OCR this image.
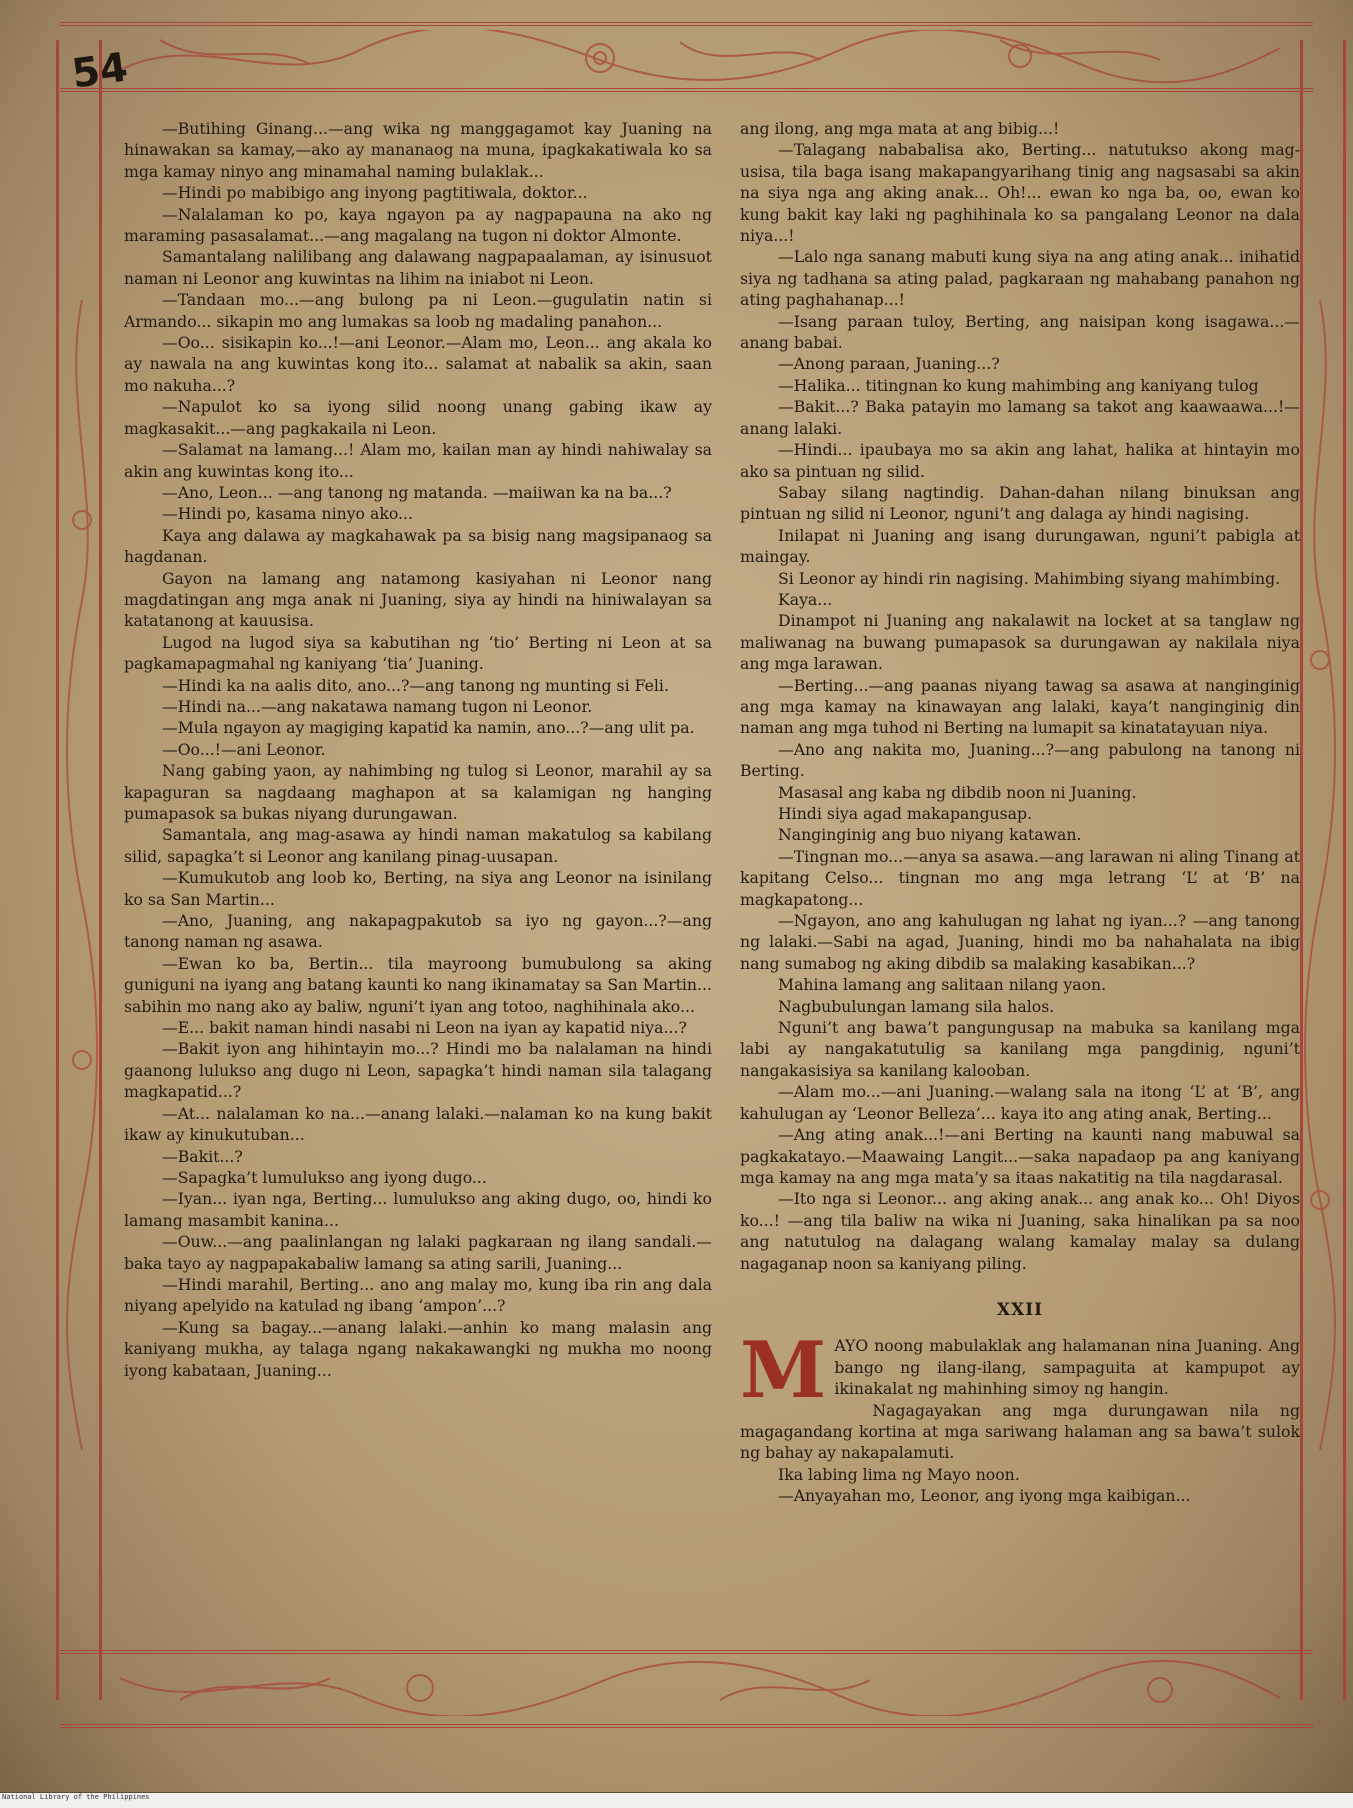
54

—Butihing Ginang...—ang wika ng manggagamot kay Juaning na hinawakan sa kamay,—ako ay mananaog na muna, ipagkakatiwala ko sa mga kamay ninyo ang minamahal naming bulaklak...

—Hindi po mabibigo ang inyong pagtitiwala, doktor...

—Nalalaman ko po, kaya ngayon pa ay nagpapauna na ako ng maraming pasasalamat...—ang magalang na tugon ni doktor Almonte.

Samantalang nalilibang ang dalawang nagpapaalaman, ay isinusuot naman ni Leonor ang kuwintas na lihim na iniabot ni Leon.

—Tandaan mo...—ang bulong pa ni Leon.—gugulatin natin si Armando... sikapin mo ang lumakas sa loob ng madaling panahon...

—Oo... sisikapin ko...!—ani Leonor.—Alam mo, Leon... ang akala ko ay nawala na ang kuwintas kong ito... salamat at nabalik sa akin, saan mo nakuha...?

—Napulot ko sa iyong silid noong unang gabing ikaw ay magkasakit...—ang pagkakaila ni Leon.

—Salamat na lamang...! Alam mo, kailan man ay hindi nahiwalay sa akin ang kuwintas kong ito...

—Ano, Leon... —ang tanong ng matanda. —maiiwan ka na ba...?

—Hindi po, kasama ninyo ako...

Kaya ang dalawa ay magkahawak pa sa bisig nang magsipanaog sa hagdanan.

Gayon na lamang ang natamong kasiyahan ni Leonor nang magdatingan ang mga anak ni Juaning, siya ay hindi na hiniwalayan sa katatanong at kauusisa.

Lugod na lugod siya sa kabutihan ng ‘tio’ Berting ni Leon at sa pagkamapagmahal ng kaniyang ‘tia’ Juaning.

—Hindi ka na aalis dito, ano...?—ang tanong ng munting si Feli.

—Hindi na...—ang nakatawa namang tugon ni Leonor.

—Mula ngayon ay magiging kapatid ka namin, ano...?—ang ulit pa.

—Oo...!—ani Leonor.

Nang gabing yaon, ay nahimbing ng tulog si Leonor, marahil ay sa kapaguran sa nagdaang maghapon at sa kalamigan ng hanging pumapasok sa bukas niyang durungawan.

Samantala, ang mag-asawa ay hindi naman makatulog sa kabilang silid, sapagka’t si Leonor ang kanilang pinag-uusapan.

—Kumukutob ang loob ko, Berting, na siya ang Leonor na isinilang ko sa San Martin...

—Ano, Juaning, ang nakapagpakutob sa iyo ng gayon...?—ang tanong naman ng asawa.

—Ewan ko ba, Bertin... tila mayroong bumubulong sa aking guniguni na iyang ang batang kaunti ko nang ikinamatay sa San Martin... sabihin mo nang ako ay baliw, nguni’t iyan ang totoo, naghihinala ako...

—E... bakit naman hindi nasabi ni Leon na iyan ay kapatid niya...?

—Bakit iyon ang hihintayin mo...? Hindi mo ba nalalaman na hindi gaanong lulukso ang dugo ni Leon, sapagka’t hindi naman sila talagang magkapatid...?

—At... nalalaman ko na...—anang lalaki.—nalaman ko na kung bakit ikaw ay kinukutuban...

—Bakit...?

—Sapagka’t lumulukso ang iyong dugo...

—Iyan... iyan nga, Berting... lumulukso ang aking dugo, oo, hindi ko lamang masambit kanina...

—Ouw...—ang paalinlangan ng lalaki pagkaraan ng ilang sandali.—baka tayo ay nagpapakabaliw lamang sa ating sarili, Juaning...

—Hindi marahil, Berting... ano ang malay mo, kung iba rin ang dala niyang apelyido na katulad ng ibang ‘ampon’...?

—Kung sa bagay...—anang lalaki.—anhin ko mang malasin ang kaniyang mukha, ay talaga ngang nakakawangki ng mukha mo noong iyong kabataan, Juaning...

ang ilong, ang mga mata at ang bibig...!

—Talagang nababalisa ako, Berting... natutukso akong mag-usisa, tila baga isang makapangyarihang tinig ang nagsasabi sa akin na siya nga ang aking anak... Oh!... ewan ko nga ba, oo, ewan ko kung bakit kay laki ng paghihinala ko sa pangalang Leonor na dala niya...!

—Lalo nga sanang mabuti kung siya na ang ating anak... inihatid siya ng tadhana sa ating palad, pagkaraan ng mahabang panahon ng ating paghahanap...!

—Isang paraan tuloy, Berting, ang naisipan kong isagawa...—anang babai.

—Anong paraan, Juaning...?

—Halika... titingnan ko kung mahimbing ang kaniyang tulog

—Bakit...? Baka patayin mo lamang sa takot ang kaawaawa...!—anang lalaki.

—Hindi... ipaubaya mo sa akin ang lahat, halika at hintayin mo ako sa pintuan ng silid.

Sabay silang nagtindig. Dahan-dahan nilang binuksan ang pintuan ng silid ni Leonor, nguni’t ang dalaga ay hindi nagising.

Inilapat ni Juaning ang isang durungawan, nguni’t pabigla at maingay.

Si Leonor ay hindi rin nagising. Mahimbing siyang mahimbing.

Kaya...

Dinampot ni Juaning ang nakalawit na locket at sa tanglaw ng maliwanag na buwang pumapasok sa durungawan ay nakilala niya ang mga larawan.

—Berting...—ang paanas niyang tawag sa asawa at nanginginig ang mga kamay na kinawayan ang lalaki, kaya’t nanginginig din naman ang mga tuhod ni Berting na lumapit sa kinatatayuan niya.

—Ano ang nakita mo, Juaning...?—ang pabulong na tanong ni Berting.

Masasal ang kaba ng dibdib noon ni Juaning.

Hindi siya agad makapangusap.

Nanginginig ang buo niyang katawan.

—Tingnan mo...—anya sa asawa.—ang larawan ni aling Tinang at kapitang Celso... tingnan mo ang mga letrang ‘L’ at ‘B’ na magkapatong...

—Ngayon, ano ang kahulugan ng lahat ng iyan...? —ang tanong ng lalaki.—Sabi na agad, Juaning, hindi mo ba nahahalata na ibig nang sumabog ng aking dibdib sa malaking kasabikan...?

Mahina lamang ang salitaan nilang yaon.

Nagbubulungan lamang sila halos.

Nguni’t ang bawa’t pangungusap na mabuka sa kanilang mga labi ay nangakatutulig sa kanilang mga pangdinig, nguni’t nangakasisiya sa kanilang kalooban.

—Alam mo...—ani Juaning.—walang sala na itong ‘L’ at ‘B’, ang kahulugan ay ‘Leonor Belleza’... kaya ito ang ating anak, Berting...

—Ang ating anak...!—ani Berting na kaunti nang mabuwal sa pagkakatayo.—Maawaing Langit...—saka napadaop pa ang kaniyang mga kamay na ang mga mata’y sa itaas nakatitig na tila nagdarasal.

—Ito nga si Leonor... ang aking anak... ang anak ko... Oh! Diyos ko...! —ang tila baliw na wika ni Juaning, saka hinalikan pa sa noo ang natutulog na dalagang walang kamalay malay sa dulang nagaganap noon sa kaniyang piling.

XXII
M AYO noong mabulaklak ang halamanan nina Juaning. Ang bango ng ilang-ilang, sampaguita at kampupot ay ikinakalat ng mahinhing simoy ng hangin.

Nagagayakan ang mga durungawan nila ng magagandang kortina at mga sariwang halaman ang sa bawa’t sulok ng bahay ay nakapalamuti.

Ika labing lima ng Mayo noon.

—Anyayahan mo, Leonor, ang iyong mga kaibigan...

National Library of the Philippines
